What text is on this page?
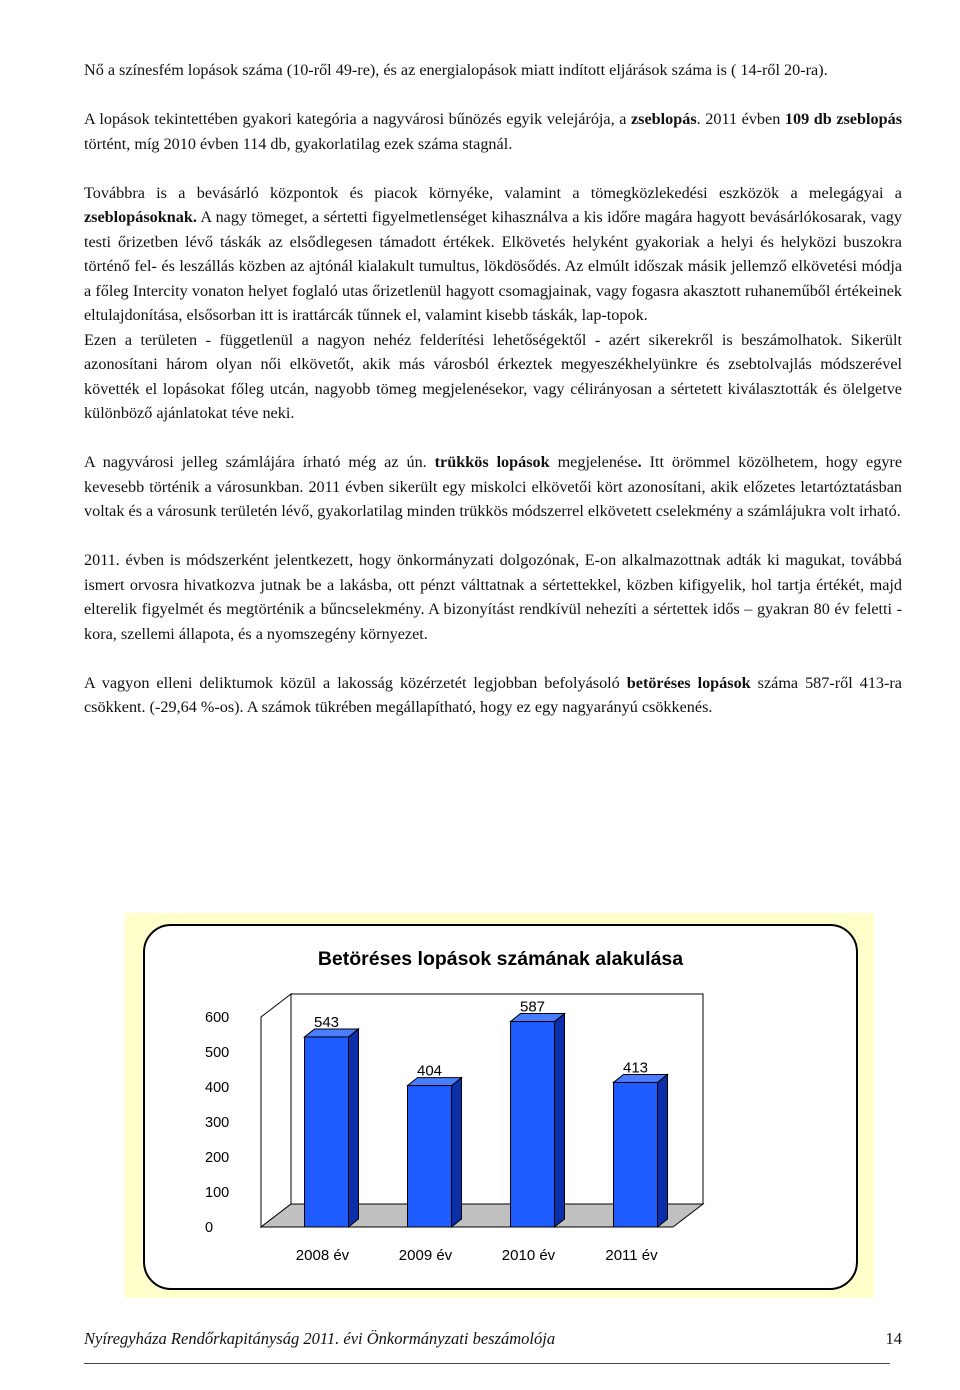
Nő a színesfém lopások száma (10-ről 49-re), és az energialopások miatt indított eljárások száma is ( 14-ről 20-ra).

A lopások tekintettében gyakori kategória a nagyvárosi bűnözés egyik velejárója, a zseblopás. 2011 évben 109 db zseblopás történt, míg 2010 évben 114 db, gyakorlatilag ezek száma stagnál.

Továbbra is a bevásárló központok és piacok környéke, valamint a tömegközlekedési eszközök a melegágyai a zseblopásoknak. A nagy tömeget, a sértetti figyelmetlenséget kihasználva a kis időre magára hagyott bevásárlókosarak, vagy testi őrizetben lévő táskák az elsődlegesen támadott értékek. Elkövetés helyként gyakoriak a helyi és helyközi buszokra történő fel- és leszállás közben az ajtónál kialakult tumultus, lökdösődés. Az elmúlt időszak másik jellemző elkövetési módja a főleg Intercity vonaton helyet foglaló utas őrizetlenül hagyott csomagjainak, vagy fogasra akasztott ruhaneműből értékeinek eltulajdonítása, elsősorban itt is irattárcák tűnnek el, valamint kisebb táskák, lap-topok.

Ezen a területen - függetlenül a nagyon nehéz felderítési lehetőségektől - azért sikerekről is beszámolhatok. Sikerült azonosítani három olyan női elkövetőt, akik más városból érkeztek megyeszékhelyünkre és zsebtolvajlás módszerével követték el lopásokat főleg utcán, nagyobb tömeg megjelenésekor, vagy célirányosan a sértetett kiválasztották és ölelgetve különböző ajánlatokat téve neki.

A nagyvárosi jelleg számlájára írható még az ún. trükkös lopások megjelenése. Itt örömmel közölhetem, hogy egyre kevesebb történik a városunkban. 2011 évben sikerült egy miskolci elkövetői kört azonosítani, akik előzetes letartóztatásban voltak és a városunk területén lévő, gyakorlatilag minden trükkös módszerrel elkövetett cselekmény a számlájukra volt irható.

2011. évben is módszerként jelentkezett, hogy önkormányzati dolgozónak, E-on alkalmazottnak adták ki magukat, továbbá ismert orvosra hivatkozva jutnak be a lakásba, ott pénzt válttatnak a sértettekkel, közben kifigyelik, hol tartja értékét, majd elterelik figyelmét és megtörténik a bűncselekmény. A bizonyítást rendkívül nehezíti a sértettek idős – gyakran 80 év feletti - kora, szellemi állapota, és a nyomszegény környezet.

A vagyon elleni deliktumok közül a lakosság közérzetét legjobban befolyásoló betöréses lopások száma 587-ről 413-ra csökkent. (-29,64 %-os). A számok tükrében megállapítható, hogy ez egy nagyarányú csökkenés.

Betöréses lopások számának alakulása
600
500
400
300
200
100
0
543
2008 év
404
2009 év
587
2010 év
413
2011 év
Nyíregyháza Rendőrkapitányság 2011. évi Önkormányzati beszámolója	14
